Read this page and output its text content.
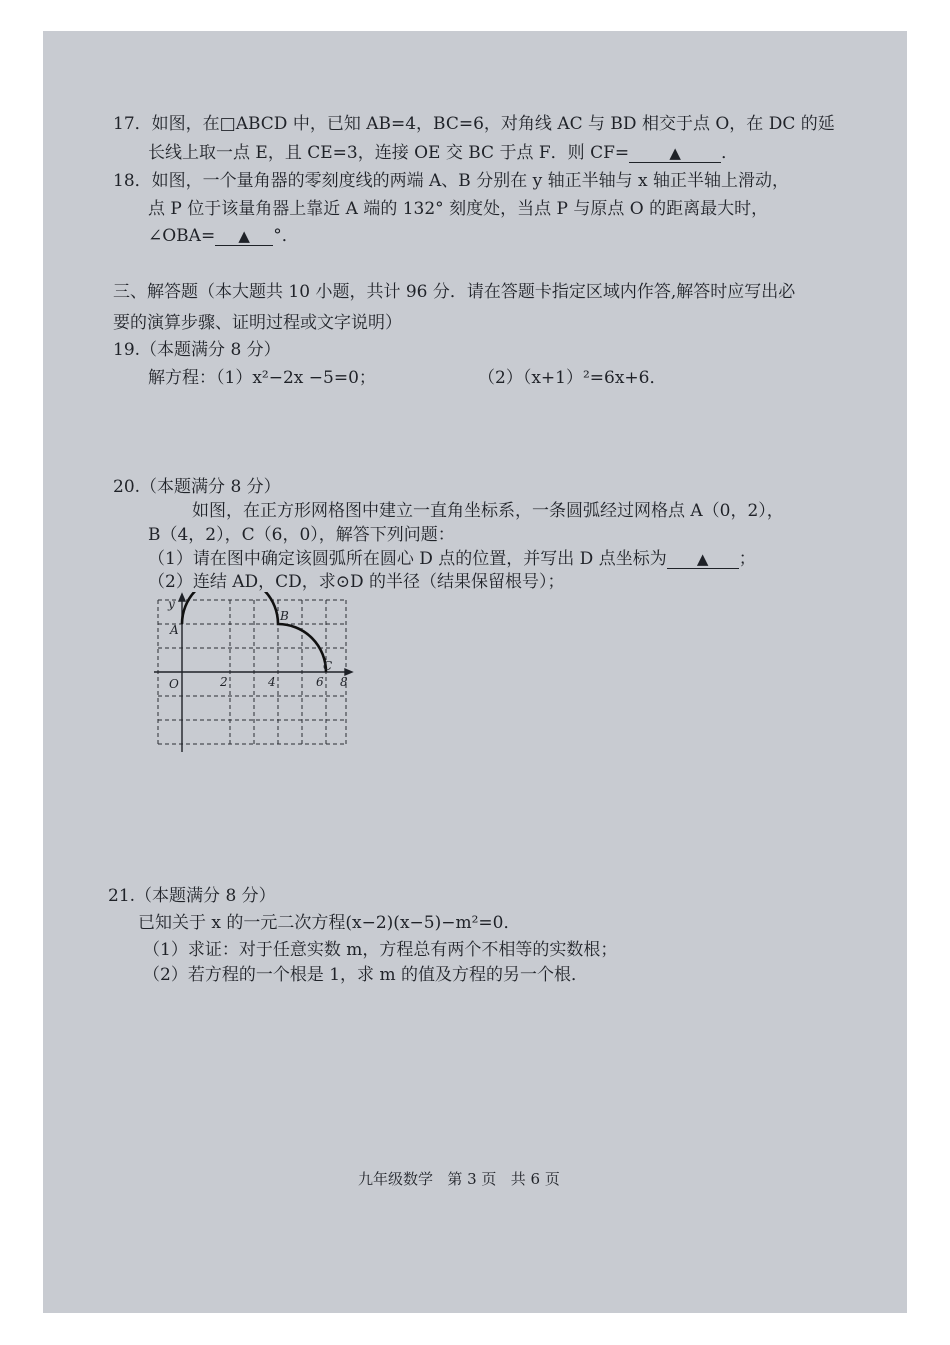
17．如图，在□ABCD 中，已知 AB=4，BC=6，对角线 AC 与 BD 相交于点 O，在 DC 的延
长线上取一点 E，且 CE=3，连接 OE 交 BC 于点 F．则 CF=	▲ ．
18．如图，一个量角器的零刻度线的两端 A、B 分别在 y 轴正半轴与 x 轴正半轴上滑动，
点 P 位于该量角器上靠近 A 端的 132° 刻度处，当点 P 与原点 O 的距离最大时，
∠OBA= ▲ °．
三、解答题（本大题共 10 小题，共计 96 分．请在答题卡指定区域内作答,解答时应写出必
要的演算步骤、证明过程或文字说明）
19.（本题满分 8 分）
解方程：（1）x²−2x −5=0；	（2）（x+1）²=6x+6．
20.（本题满分 8 分）
如图，在正方形网格图中建立一直角坐标系，一条圆弧经过网格点 A（0，2），
B（4，2），C（6，0），解答下列问题：
（1）请在图中确定该圆弧所在圆心 D 点的位置，并写出 D 点坐标为 ▲ ；
（2）连结 AD，CD，求⊙D 的半径（结果保留根号）；
y
O
A
B
C
2	4	6 8
21.（本题满分 8 分）
已知关于 x 的一元二次方程(x−2)(x−5)−m²=0．
（1）求证：对于任意实数 m，方程总有两个不相等的实数根；
（2）若方程的一个根是 1，求 m 的值及方程的另一个根．
九年级数学 第 3 页 共 6 页
